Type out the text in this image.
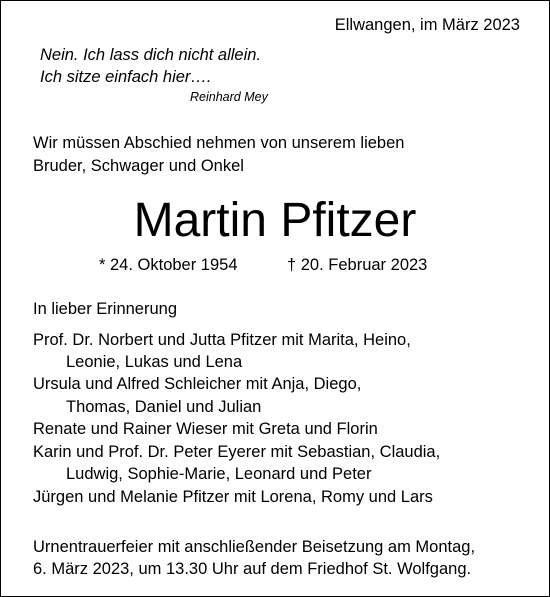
Ellwangen, im März 2023
Nein. Ich lass dich nicht allein.
Ich sitze einfach hier….
Reinhard Mey
Wir müssen Abschied nehmen von unserem lieben
Bruder, Schwager und Onkel
Martin Pfitzer
* 24. Oktober 1954	† 20. Februar 2023
In lieber Erinnerung
Prof. Dr. Norbert und Jutta Pfitzer mit Marita, Heino,
Leonie, Lukas und Lena
Ursula und Alfred Schleicher mit Anja, Diego,
Thomas, Daniel und Julian
Renate und Rainer Wieser mit Greta und Florin
Karin und Prof. Dr. Peter Eyerer mit Sebastian, Claudia,
Ludwig, Sophie-Marie, Leonard und Peter
Jürgen und Melanie Pfitzer mit Lorena, Romy und Lars
Urnentrauerfeier mit anschließender Beisetzung am Montag,
6. März 2023, um 13.30 Uhr auf dem Friedhof St. Wolfgang.
